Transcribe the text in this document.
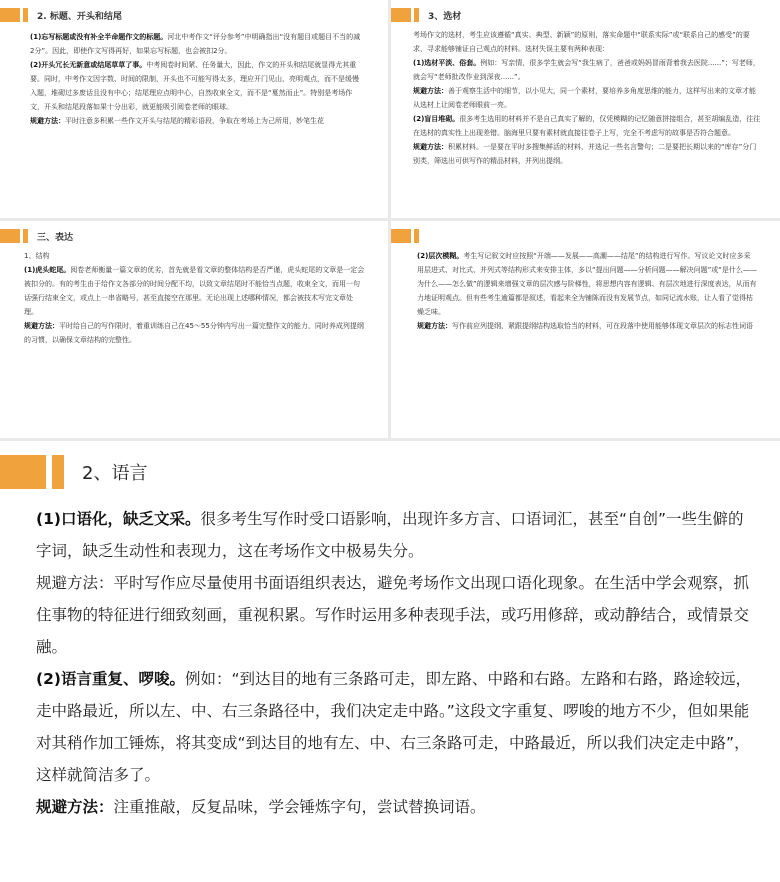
2. 标题、开头和结尾

(1)忘写标题或没有补全半命题作文的标题。河北中考作文“评分参考”中明确指出“没有题目或题目不当的减2分”。因此，即使作文写得再好，如果忘写标题，也会被扣2分。

(2)开头冗长无新意或结尾草草了事。中考阅卷时间紧、任务量大，因此，作文的开头和结尾就显得尤其重要。同时，中考作文因字数、时间的限制，开头也不可能写得太多，理应开门见山，亮明观点，而不是缓慢入题，堆砌过多废话且没有中心；结尾理应点明中心，自然收束全文，而不是“戛然而止”。特别是考场作文，开头和结尾段落如果十分出彩，就更能吸引阅卷老师的眼球。

规避方法：平时注意多积累一些作文开头与结尾的精彩语段，争取在考场上为己所用，妙笔生花

3、选材

考场作文的选材，考生应该遵循“真实、典型、新颖”的原则，落实命题中“联系实际”或“联系自己的感受”的要求，寻求能够铺证自己观点的材料。选材失误主要有两种表现：

(1)选材平淡、俗套。例如：写亲情，很多学生就会写“我生病了，爸爸或妈妈冒雨背着我去医院......”；写老师，就会写“老师批改作业到深夜......”。

规避方法：善于观察生活中的细节，以小见大，同一个素材，要培养多角度思维的能力，这样写出来的文章才能从选材上让阅卷老师眼前一亮。

(2)盲目堆砌。很多考生选用的材料并不是自己真实了解的，仅凭模糊的记忆随意拼接组合，甚至胡编乱造，往往在选材的真实性上出现差错。脑海里只要有素材就直接往卷子上写，完全不考虑写的故事是否符合题意。

规避方法：积累材料。一是要在平时多搜集鲜活的材料，并选记一些名言警句；二是要把长期以来的“库存”分门别类，筛选出可供写作的精品材料，并列出提纲。

三、表达

1、结构

(1)虎头蛇尾。阅卷老师衡量一篇文章的优劣，首先就是看文章的整体结构是否严谨，虎头蛇尾的文章是一定会被扣分的。有的考生由于给作文各部分的时间分配不均，以致文章结尾时不能恰当点题，收束全文，而用一句话强行结束全文，或点上一串省略号，甚至直接空在那里。无论出现上述哪种情况，都会被技术写完文章处理。

规避方法：平时给自己的写作限时，着重训练自己在45～55分钟内写出一篇完整作文的能力，同时养成列提纲的习惯，以确保文章结构的完整性。

(2)层次模糊。考生写记叙文时应按照“开端——发展——高潮——结尾”的结构进行写作。写议论文时应多采用层进式、对比式、并列式等结构形式来安排主体，多以“提出问题——分析问题——解决问题”或“是什么——为什么——怎么做”的逻辑来增强文章的层次感与阶梯性，将思想内容有逻辑、有层次地进行深度表达，从而有力地证明观点。但有些考生逾篇都是叙述，看起来全为铺陈而没有发展节点，如同记流水账，让人看了觉得枯燥乏味。

规避方法：写作前应列提纲，紧跟提纲结构选取恰当的材料，可在段落中使用能够体现文章层次的标志性词语

2、语言

(1)口语化，缺乏文采。很多考生写作时受口语影响，出现许多方言、口语词汇，甚至“自创”一些生僻的字词，缺乏生动性和表现力，这在考场作文中极易失分。

规避方法：平时写作应尽量使用书面语组织表达，避免考场作文出现口语化现象。在生活中学会观察，抓住事物的特征进行细致刻画，重视积累。写作时运用多种表现手法，或巧用修辞，或动静结合，或情景交融。

(2)语言重复、啰唆。例如：“到达目的地有三条路可走，即左路、中路和右路。左路和右路，路途较远，走中路最近，所以左、中、右三条路径中，我们决定走中路。”这段文字重复、啰唆的地方不少，但如果能对其稍作加工锤炼，将其变成“到达目的地有左、中、右三条路可走，中路最近，所以我们决定走中路”，这样就简洁多了。

规避方法：注重推敲，反复品味，学会锤炼字句，尝试替换词语。
